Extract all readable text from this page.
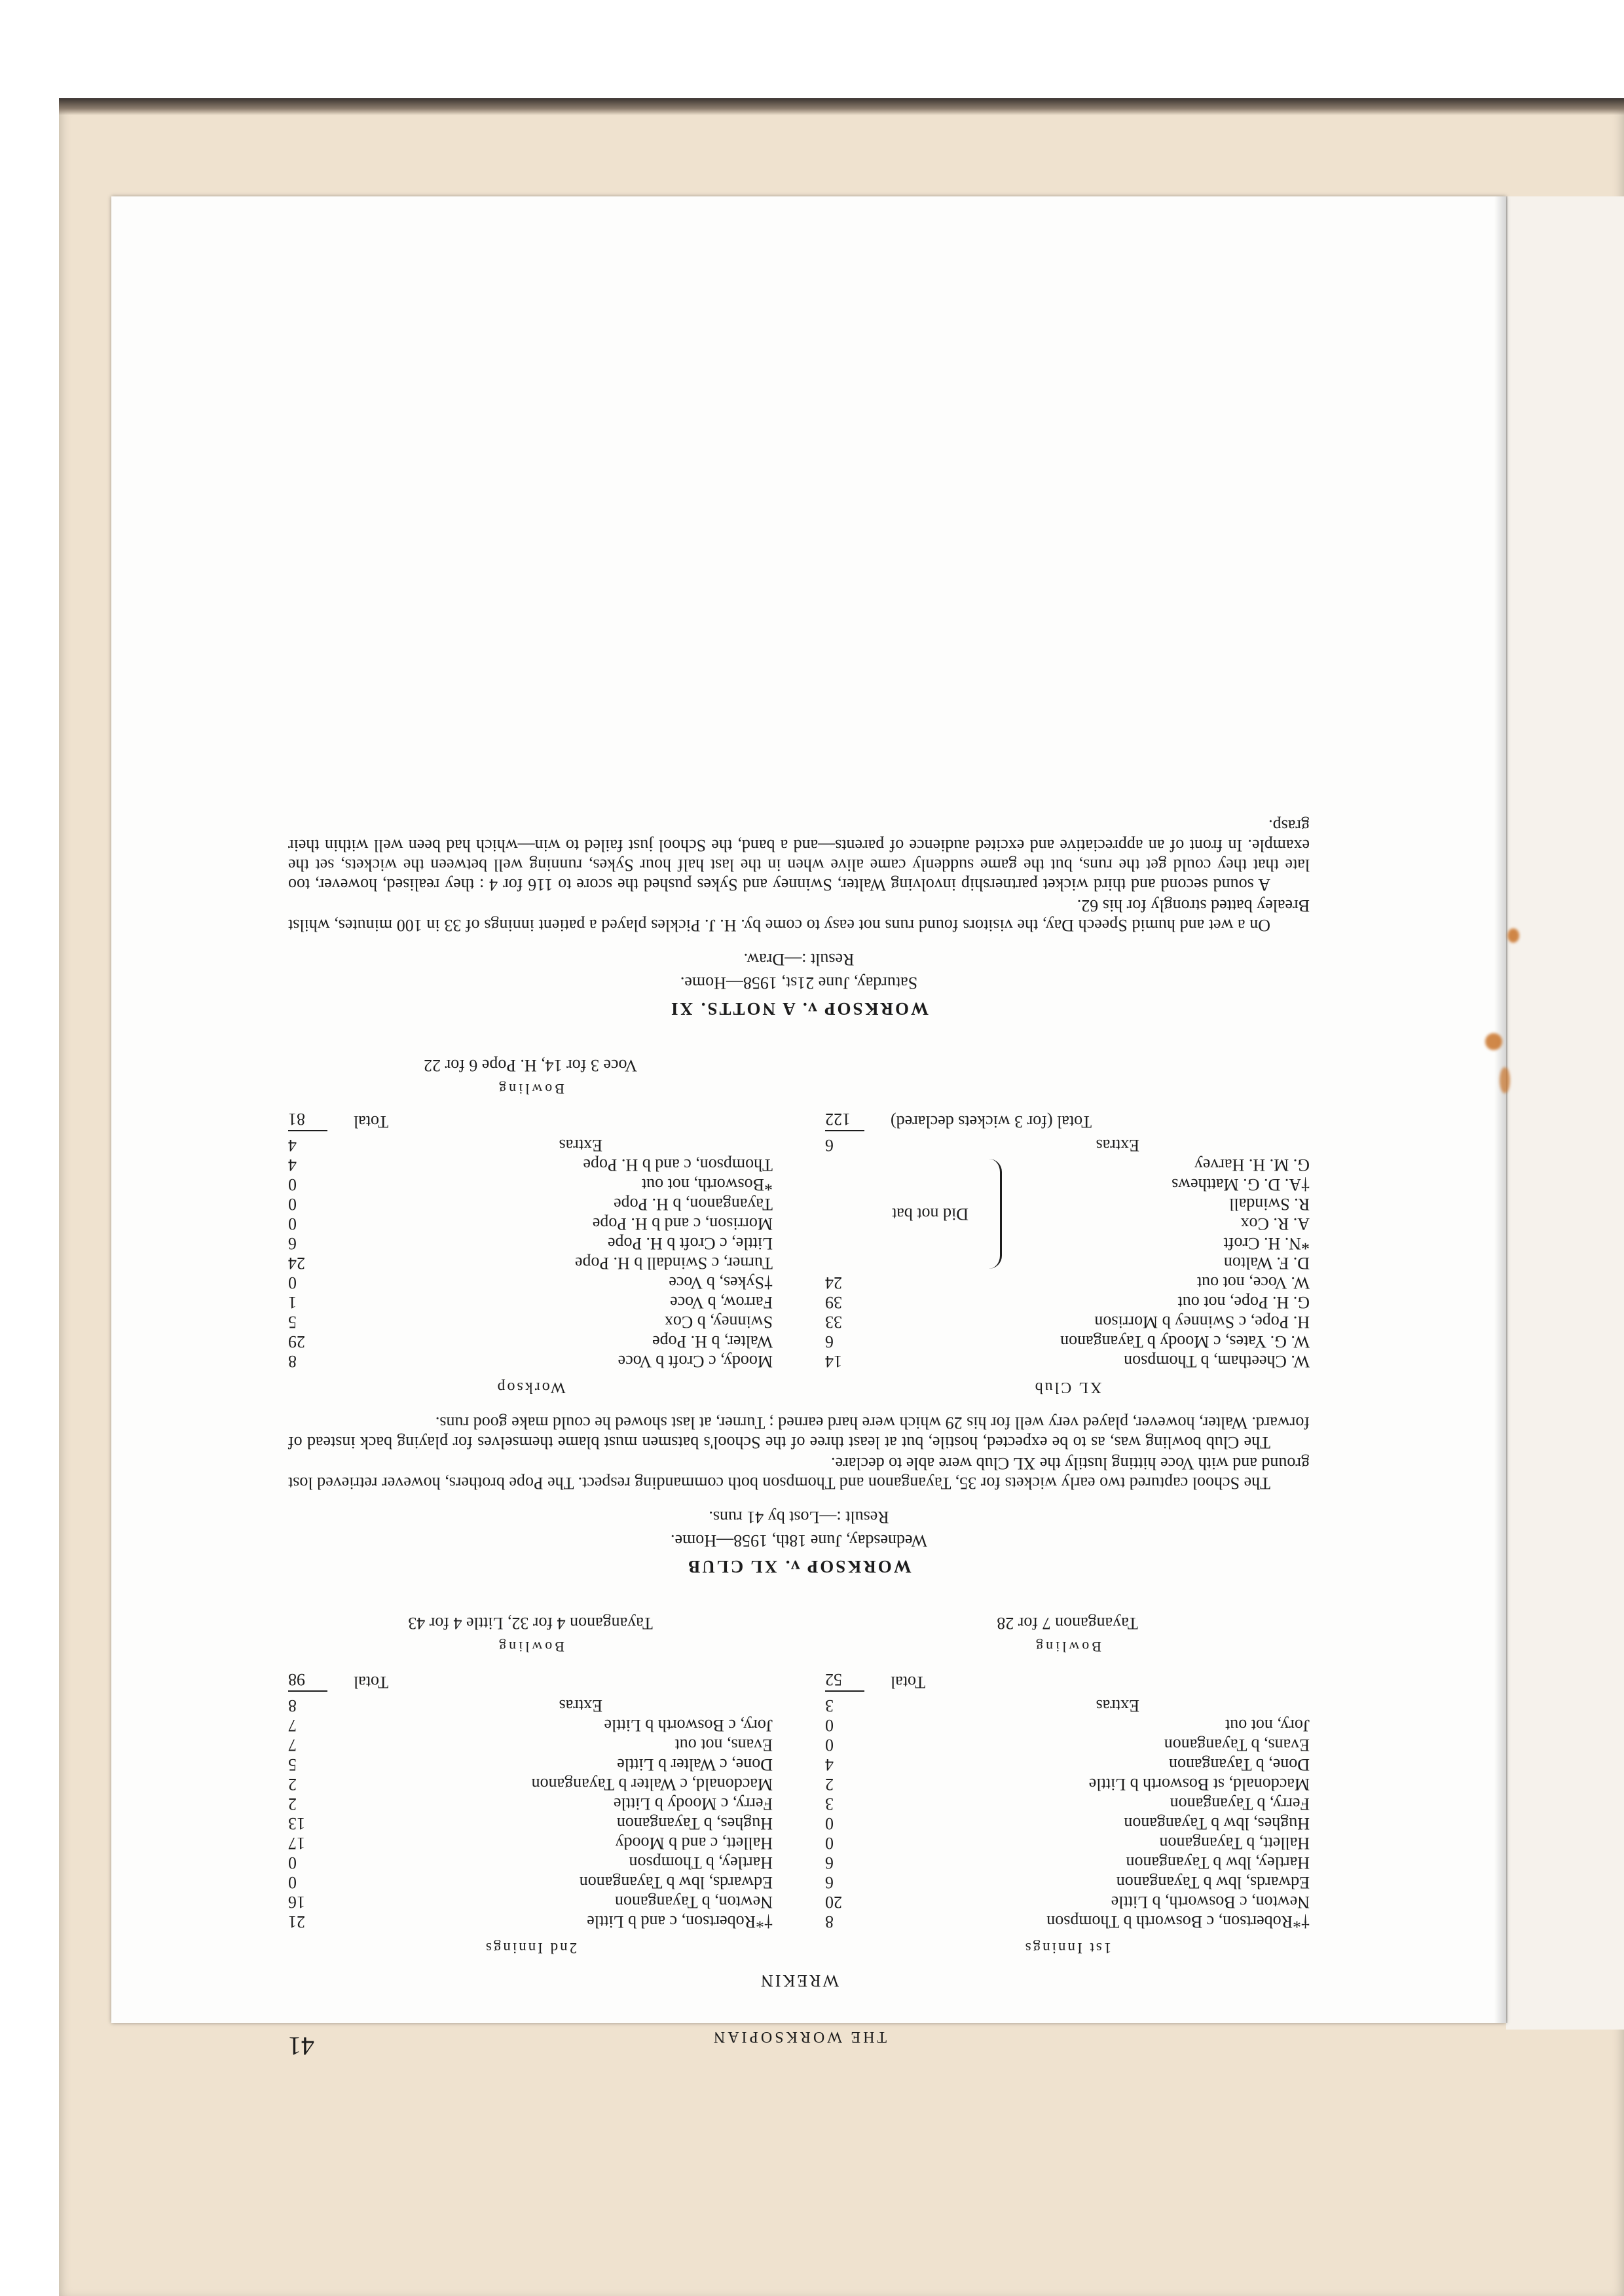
THE WORKSOPIAN
41
WREKIN
1st Innings
†*Robertson, c Bosworth b Thompson
8
Newton, c Bosworth, b Little
20
Edwards, lbw b Tayanganon
6
Hartley, lbw b Tayanganon
6
Hallett, b Tayanganon
0
Hughes, lbw b Tayanganon
0
Ferry, b Tayanganon
3
Macdonald, st Bosworth b Little
2
Done, b Tayanganon
4
Evans, b Tayanganon
0
Jory, not out
0
Extras
3
Total
52
2nd Innings
†*Robertson, c and b Little
21
Newton, b Tayanganon
16
Edwards, lbw b Tayanganon
0
Hartley, b Thompson
0
Hallett, c and b Moody
17
Hughes, b Tayanganon
13
Ferry, c Moody b Little
2
Macdonald, c Walter b Tayanganon
2
Done, c Walter b Little
5
Evans, not out
7
Jory, c Bosworth b Little
7
Extras
8
Total
98
Bowling
Tayanganon 7 for 28
Bowling
Tayanganon 4 for 32, Little 4 for 43
WORKSOP v. XL CLUB
Wednesday, June 18th, 1958—Home.
Result :—Lost by 41 runs.

The School captured two early wickets for 35, Tayanganon and Thompson both commanding respect. The Pope brothers, however retrieved lost ground and with Voce hitting lustily the XL Club were able to declare.

The Club bowling was, as to be expected, hostile, but at least three of the School's batsmen must blame themselves for playing back instead of forward. Walter, however, played very well for his 29 which were hard earned ; Turner, at last showed he could make good runs.

XL Club
W. Cheetham, b Thompson
14
W. G. Yates, c Moody b Tayanganon
6
H. Pope, c Swinney b Morrison
33
G. H. Pope, not out
39
W. Voce, not out
24
D. F. Walton
*N. H. Croft
A. R. Cox
R. Swindall
†A. D. G. Matthews
G. M. H. Harvey
Did not bat
Extras
6
Total (for 3 wickets declared)
122
Worksop
Moody, c Croft b Voce
8
Walter, b H. Pope
29
Swinney, b Cox
5
Farrow, b Voce
1
†Sykes, b Voce
0
Turner, c Swindall b H. Pope
24
Little, c Croft b H. Pope
6
Morrison, c and b H. Pope
0
Tayanganon, b H. Pope
0
*Bosworth, not out
0
Thompson, c and b H. Pope
4
Extras
4
Total
81
Bowling
Voce 3 for 14, H. Pope 6 for 22
WORKSOP v. A NOTTS. XI
Saturday, June 21st, 1958—Home.
Result :—Draw.

On a wet and humid Speech Day, the visitors found runs not easy to come by. H. J. Pickles played a patient innings of 33 in 100 minutes, whilst Brealey batted strongly for his 62.

A sound second and third wicket partnership involving Walter, Swinney and Sykes pushed the score to 116 for 4 : they realised, however, too late that they could get the runs, but the game suddenly came alive when in the last half hour Sykes, running well between the wickets, set the example. In front of an appreciative and excited audience of parents—and a band, the School just failed to win—which had been well within their grasp.
